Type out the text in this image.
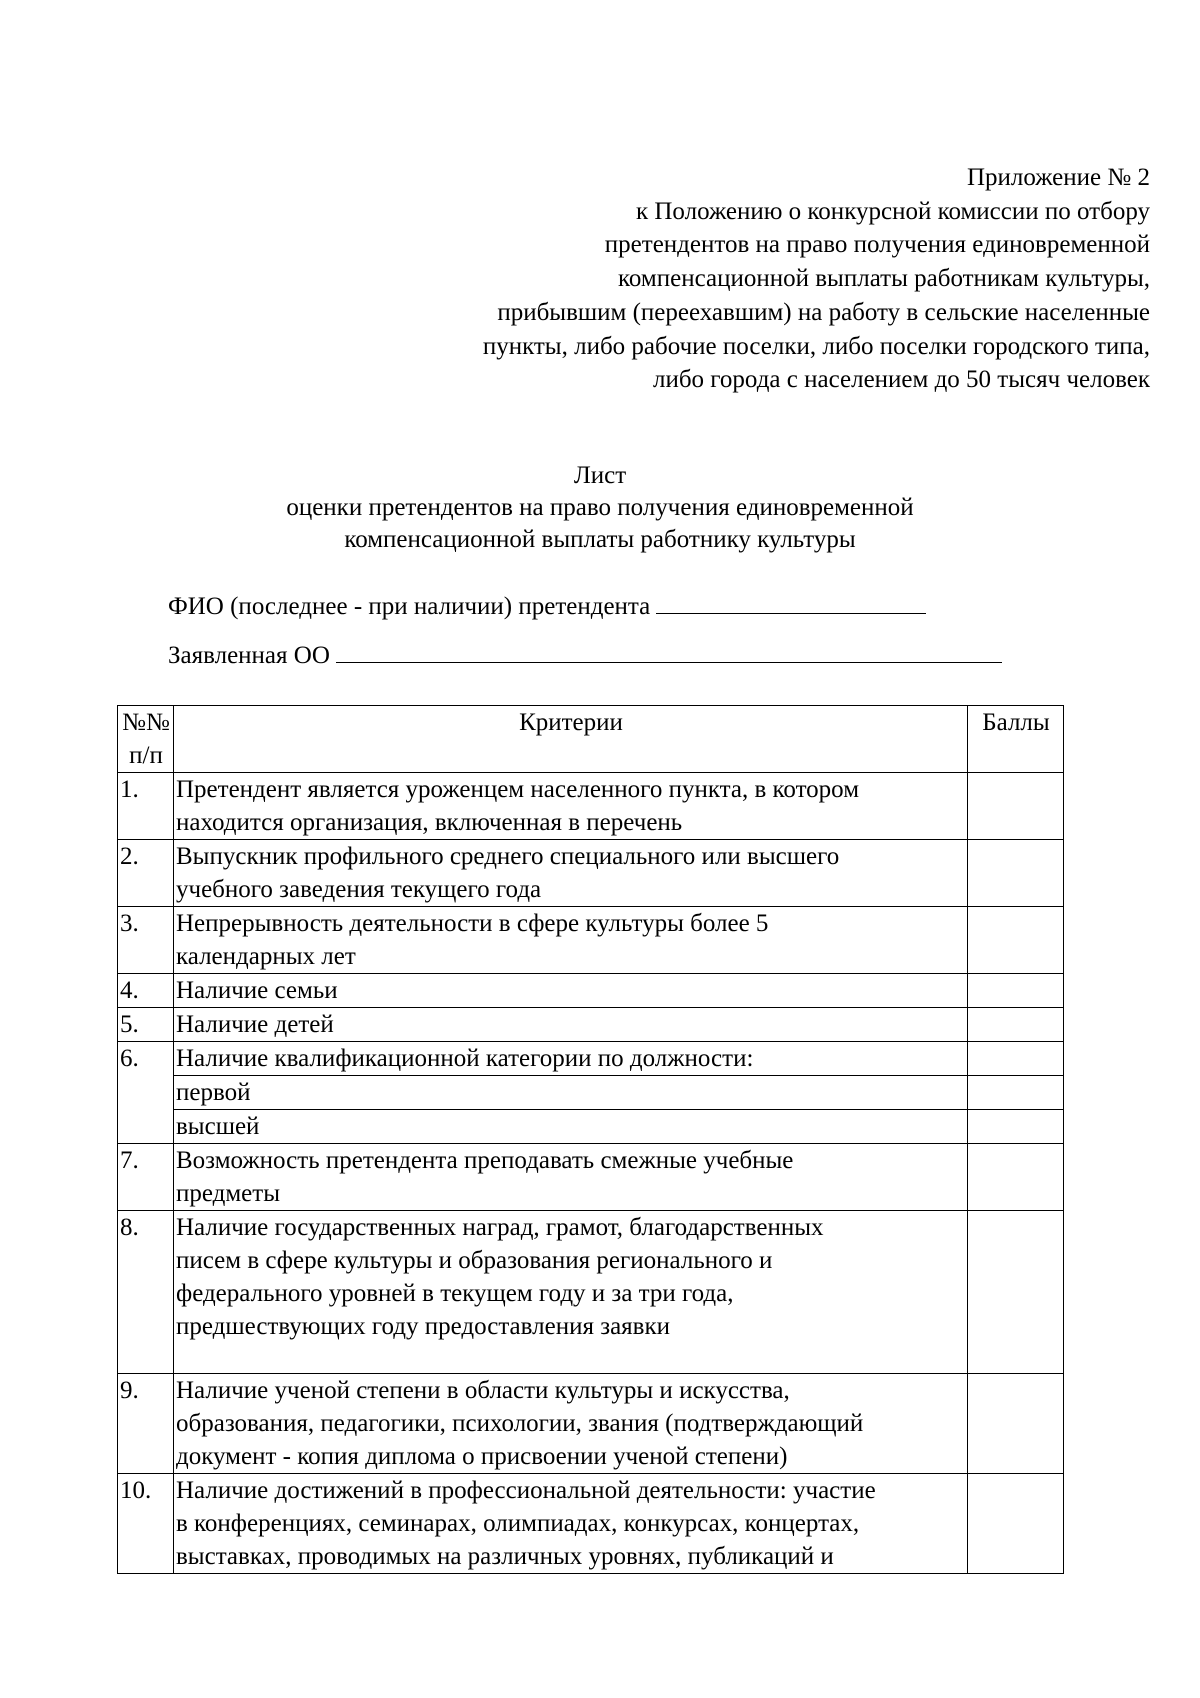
Приложение № 2
к Положению о конкурсной комиссии по отбору
претендентов на право получения единовременной
компенсационной выплаты работникам культуры,
прибывшим (переехавшим) на работу в сельские населенные
пункты, либо рабочие поселки, либо поселки городского типа,
либо города с населением до 50 тысяч человек
Лист
оценки претендентов на право получения единовременной
компенсационной выплаты работнику культуры
ФИО (последнее - при наличии) претендента
Заявленная ОО
№№
п/п	Критерии	Баллы
1.	Претендент является уроженцем населенного пункта, в котором
находится организация, включенная в перечень	
2.	Выпускник профильного среднего специального или высшего
учебного заведения текущего года	
3.	Непрерывность деятельности в сфере культуры более 5
календарных лет	
4.	Наличие семьи	
5.	Наличие детей	
6.	Наличие квалификационной категории по должности:	
	первой	
	высшей	
7.	Возможность претендента преподавать смежные учебные
предметы	
8.	Наличие государственных наград, грамот, благодарственных
писем в сфере культуры и образования регионального и
федерального уровней в текущем году и за три года,
предшествующих году предоставления заявки	
9.	Наличие ученой степени в области культуры и искусства,
образования, педагогики, психологии, звания (подтверждающий
документ - копия диплома о присвоении ученой степени)	
10.	Наличие достижений в профессиональной деятельности: участие
в конференциях, семинарах, олимпиадах, конкурсах, концертах,
выставках, проводимых на различных уровнях, публикаций и	
